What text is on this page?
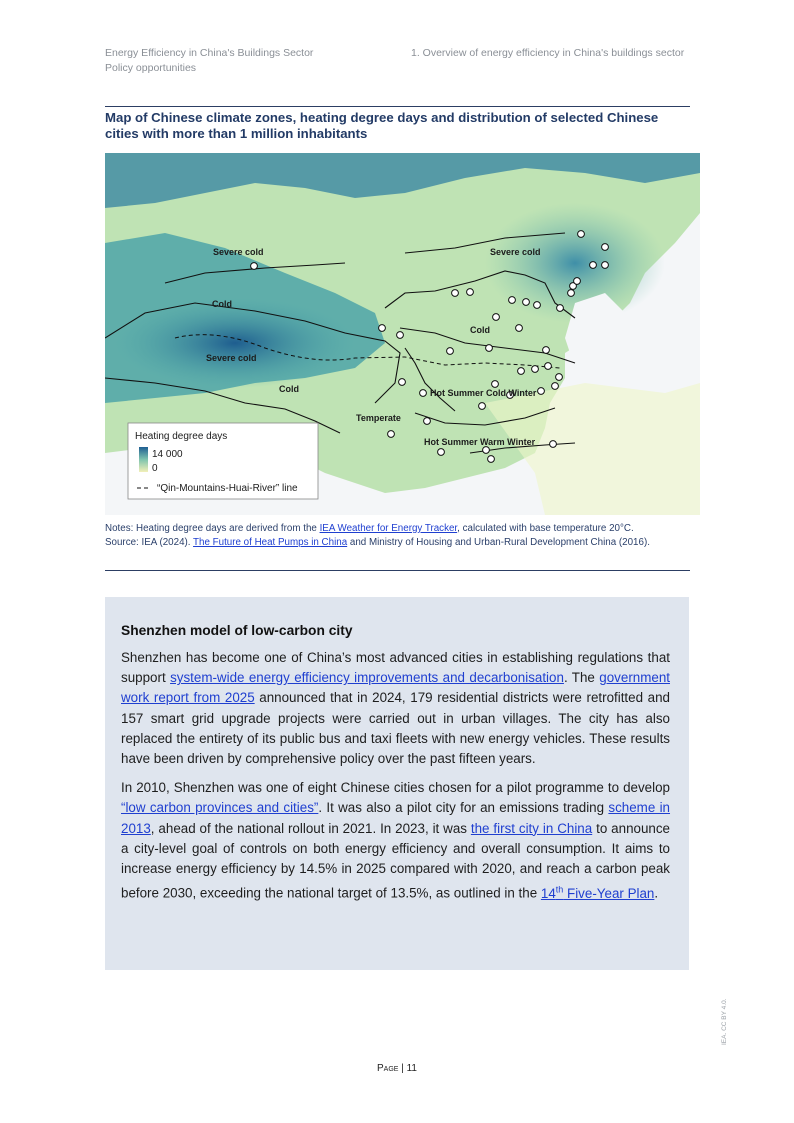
Energy Efficiency in China's Buildings Sector
Policy opportunities
1. Overview of energy efficiency in China's buildings sector
Map of Chinese climate zones, heating degree days and distribution of selected Chinese cities with more than 1 million inhabitants
Severe cold	Severe cold
Cold
Severe cold
Cold
Cold
Temperate
Hot Summer Cold Winter
Hot Summer Warm Winter
Heating degree days
14 000
0
“Qin-Mountains-Huai-River” line
Notes: Heating degree days are derived from the IEA Weather for Energy Tracker, calculated with base temperature 20°C.
Source: IEA (2024). The Future of Heat Pumps in China and Ministry of Housing and Urban-Rural Development China (2016).
Shenzhen model of low-carbon city

Shenzhen has become one of China’s most advanced cities in establishing regulations that support system-wide energy efficiency improvements and decarbonisation. The government work report from 2025 announced that in 2024, 179 residential districts were retrofitted and 157 smart grid upgrade projects were carried out in urban villages. The city has also replaced the entirety of its public bus and taxi fleets with new energy vehicles. These results have been driven by comprehensive policy over the past fifteen years.

In 2010, Shenzhen was one of eight Chinese cities chosen for a pilot programme to develop “low carbon provinces and cities”. It was also a pilot city for an emissions trading scheme in 2013, ahead of the national rollout in 2021. In 2023, it was the first city in China to announce a city-level goal of controls on both energy efficiency and overall consumption. It aims to increase energy efficiency by 14.5% in 2025 compared with 2020, and reach a carbon peak before 2030, exceeding the national target of 13.5%, as outlined in the 14th Five-Year Plan.

Page | 11
IEA. CC BY 4.0.
